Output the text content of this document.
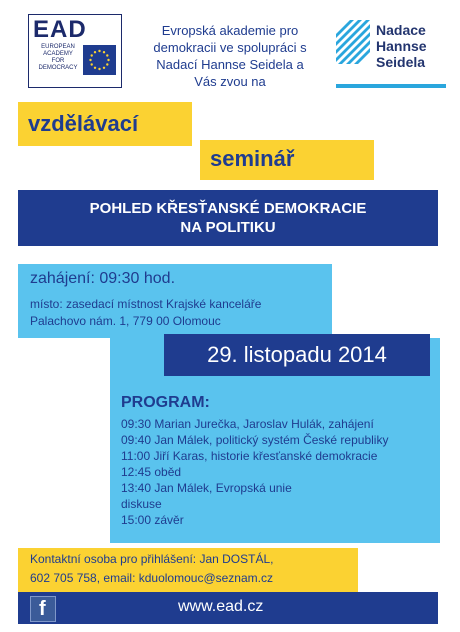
EAD
EUROPEAN
ACADEMY
FOR
DEMOCRACY
Evropská akademie pro
demokracii ve spolupráci s
Nadací Hannse Seidela a
Vás zvou na
Nadace
Hannse
Seidela
vzdělávací
seminář
POHLED KŘESŤANSKÉ DEMOKRACIE
NA POLITIKU
zahájení: 09:30 hod.
místo: zasedací místnost Krajské kanceláře
Palachovo nám. 1, 779 00 Olomouc
29. listopadu 2014
PROGRAM:
09:30 Marian Jurečka, Jaroslav Hulák, zahájení
09:40 Jan Málek, politický systém České republiky
11:00 Jiří Karas, historie křesťanské demokracie
12:45 oběd
13:40 Jan Málek, Evropská unie
diskuse
15:00 závěr
Kontaktní osoba pro přihlášení: Jan DOSTÁL,
602 705 758, email: kduolomouc@seznam.cz
f	www.ead.cz
